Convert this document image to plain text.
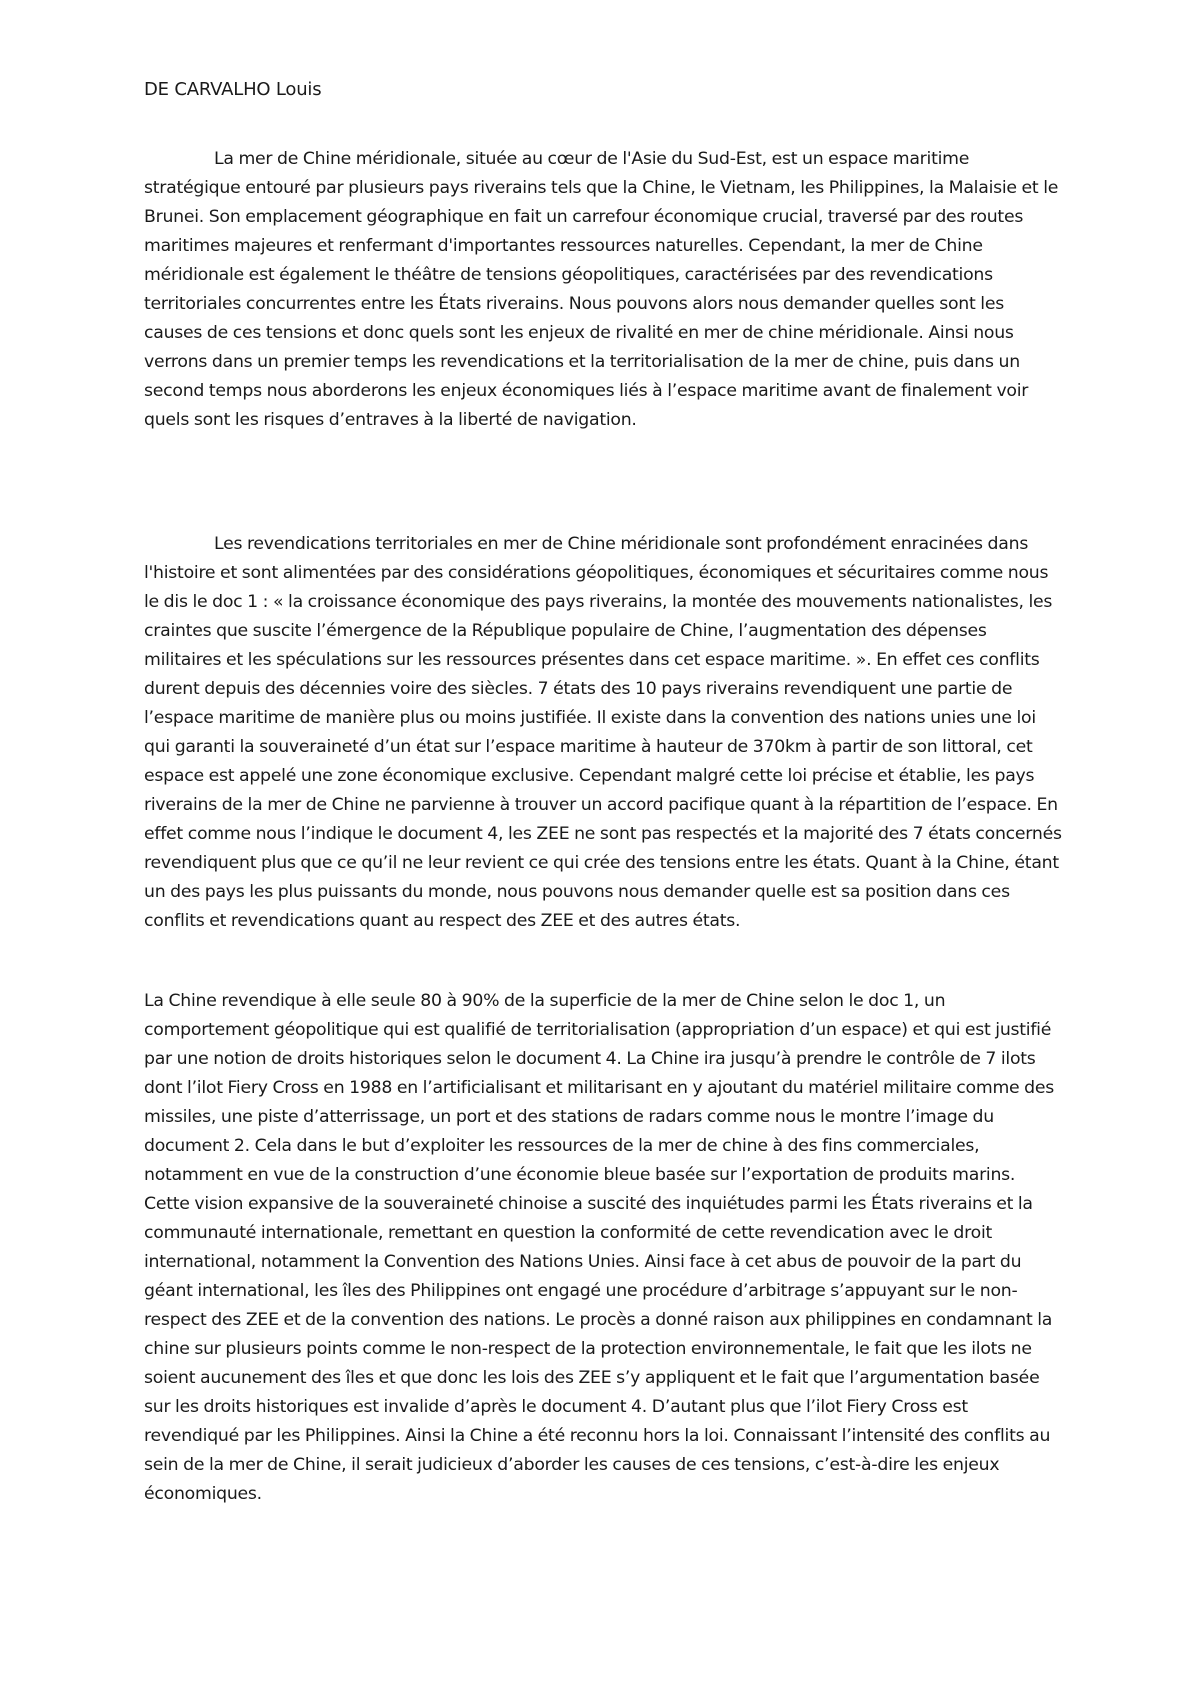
DE CARVALHO Louis

La mer de Chine méridionale, située au cœur de l'Asie du Sud-Est, est un espace maritime stratégique entouré par plusieurs pays riverains tels que la Chine, le Vietnam, les Philippines, la Malaisie et le Brunei. Son emplacement géographique en fait un carrefour économique crucial, traversé par des routes maritimes majeures et renfermant d'importantes ressources naturelles. Cependant, la mer de Chine méridionale est également le théâtre de tensions géopolitiques, caractérisées par des revendications territoriales concurrentes entre les États riverains. Nous pouvons alors nous demander quelles sont les causes de ces tensions et donc quels sont les enjeux de rivalité en mer de chine méridionale. Ainsi nous verrons dans un premier temps les revendications et la territorialisation de la mer de chine, puis dans un second temps nous aborderons les enjeux économiques liés à l’espace maritime avant de finalement voir quels sont les risques d’entraves à la liberté de navigation.

Les revendications territoriales en mer de Chine méridionale sont profondément enracinées dans l'histoire et sont alimentées par des considérations géopolitiques, économiques et sécuritaires comme nous le dis le doc 1 : « la croissance économique des pays riverains, la montée des mouvements nationalistes, les craintes que suscite l’émergence de la République populaire de Chine, l’augmentation des dépenses militaires et les spéculations sur les ressources présentes dans cet espace maritime. ». En effet ces conflits durent depuis des décennies voire des siècles. 7 états des 10 pays riverains revendiquent une partie de l’espace maritime de manière plus ou moins justifiée. Il existe dans la convention des nations unies une loi qui garanti la souveraineté d’un état sur l’espace maritime à hauteur de 370km à partir de son littoral, cet espace est appelé une zone économique exclusive. Cependant malgré cette loi précise et établie, les pays riverains de la mer de Chine ne parvienne à trouver un accord pacifique quant à la répartition de l’espace. En effet comme nous l’indique le document 4, les ZEE ne sont pas respectés et la majorité des 7 états concernés revendiquent plus que ce qu’il ne leur revient ce qui crée des tensions entre les états. Quant à la Chine, étant un des pays les plus puissants du monde, nous pouvons nous demander quelle est sa position dans ces conflits et revendications quant au respect des ZEE et des autres états.

La Chine revendique à elle seule 80 à 90% de la superficie de la mer de Chine selon le doc 1, un comportement géopolitique qui est qualifié de territorialisation (appropriation d’un espace) et qui est justifié par une notion de droits historiques selon le document 4. La Chine ira jusqu’à prendre le contrôle de 7 ilots dont l’ilot Fiery Cross en 1988 en l’artificialisant et militarisant en y ajoutant du matériel militaire comme des missiles, une piste d’atterrissage, un port et des stations de radars comme nous le montre l’image du document 2. Cela dans le but d’exploiter les ressources de la mer de chine à des fins commerciales, notamment en vue de la construction d’une économie bleue basée sur l’exportation de produits marins. Cette vision expansive de la souveraineté chinoise a suscité des inquiétudes parmi les États riverains et la communauté internationale, remettant en question la conformité de cette revendication avec le droit international, notamment la Convention des Nations Unies. Ainsi face à cet abus de pouvoir de la part du géant international, les îles des Philippines ont engagé une procédure d’arbitrage s’appuyant sur le non-respect des ZEE et de la convention des nations. Le procès a donné raison aux philippines en condamnant la chine sur plusieurs points comme le non-respect de la protection environnementale, le fait que les ilots ne soient aucunement des îles et que donc les lois des ZEE s’y appliquent et le fait que l’argumentation basée sur les droits historiques est invalide d’après le document 4. D’autant plus que l’ilot Fiery Cross est revendiqué par les Philippines. Ainsi la Chine a été reconnu hors la loi. Connaissant l’intensité des conflits au sein de la mer de Chine, il serait judicieux d’aborder les causes de ces tensions, c’est-à-dire les enjeux économiques.
